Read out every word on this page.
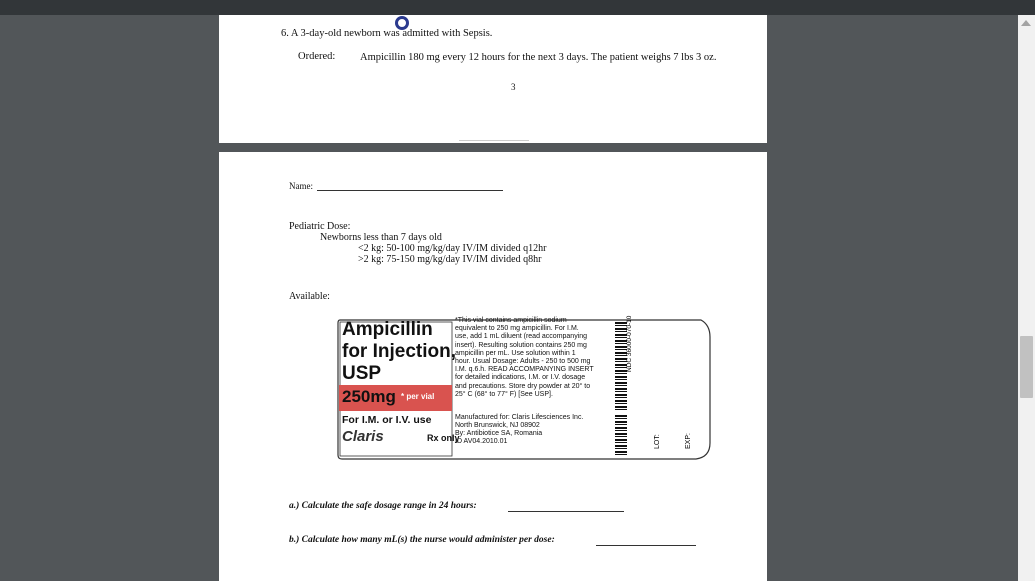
6. A 3-day-old newborn was admitted with Sepsis.
Ordered: Ampicillin 180 mg every 12 hours for the next 3 days. The patient weighs 7 lbs 3 oz.
3
Name:
Pediatric Dose:
Newborns less than 7 days old
<2 kg: 50-100 mg/kg/day IV/IM divided q12hr
>2 kg: 75-150 mg/kg/day IV/IM divided q8hr
Available:
Ampicillin
for Injection,
USP
250mg * per vial
For I.M. or I.V. use
Claris	Rx only
*This vial contains ampicillin sodium
equivalent to 250 mg ampicillin. For I.M.
use, add 1 mL diluent (read accompanying
insert). Resulting solution contains 250 mg
ampicillin per mL. Use solution within 1
hour. Usual Dosage: Adults - 250 to 500 mg
I.M. q.6.h. READ ACCOMPANYING INSERT
for detailed indications, I.M. or I.V. dosage
and precautions. Store dry powder at 20° to
25° C (68° to 77° F) [See USP].
Manufactured for: Claris Lifesciences Inc.
North Brunswick, NJ 08902
By: Antibiotice SA, Romania
ID AV04.2010.01
NDC 36000-070-10
LOT:	EXP:
a.) Calculate the safe dosage range in 24 hours:
b.) Calculate how many mL(s) the nurse would administer per dose:
